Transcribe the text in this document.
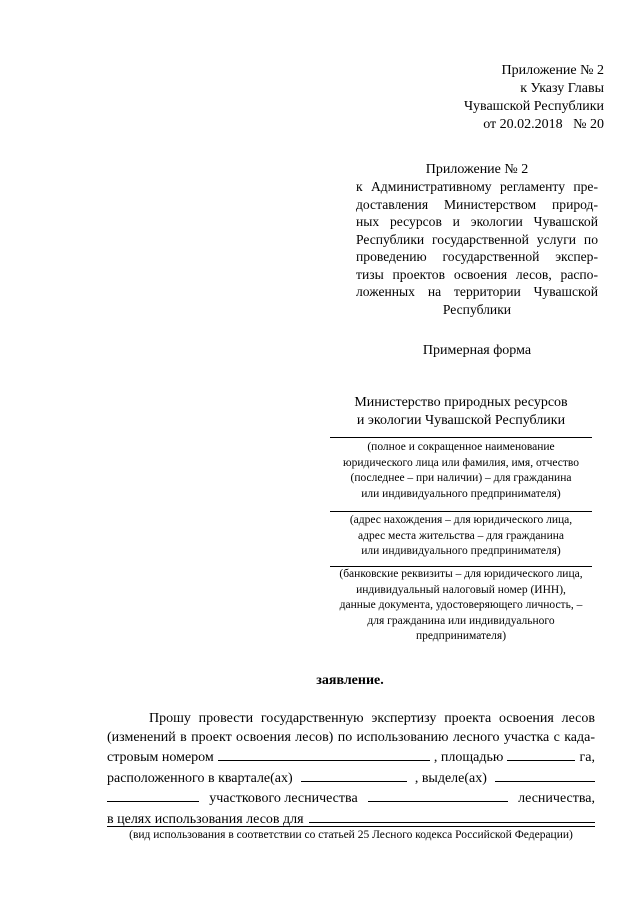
Приложение № 2
к Указу Главы
Чувашской Республики
от 20.02.2018   № 20
Приложение № 2
к Административному регламенту пре-
доставления Министерством природ-
ных ресурсов и экологии Чувашской
Республики государственной услуги по
проведению государственной экспер-
тизы проектов освоения лесов, распо-
ложенных на территории Чувашской
Республики
Примерная форма
Министерство природных ресурсов
и экологии Чувашской Республики
(полное и сокращенное наименование
юридического лица или фамилия, имя, отчество
(последнее – при наличии) – для гражданина
или индивидуального предпринимателя)
(адрес нахождения – для юридического лица,
адрес места жительства – для гражданина
или индивидуального предпринимателя)
(банковские реквизиты – для юридического лица,
индивидуальный налоговый номер (ИНН),
данные документа, удостоверяющего личность, –
для гражданина или индивидуального
предпринимателя)
заявление.
Прошу провести государственную экспертизу проекта освоения лесов
(изменений в проект освоения лесов) по использованию лесного участка с када-
стровым номером	, площадью	га,
расположенного в квартале(ах)	, выделе(ах)
участкового лесничества	лесничества,
в целях использования лесов для
(вид использования в соответствии со статьей 25 Лесного кодекса Российской Федерации)
